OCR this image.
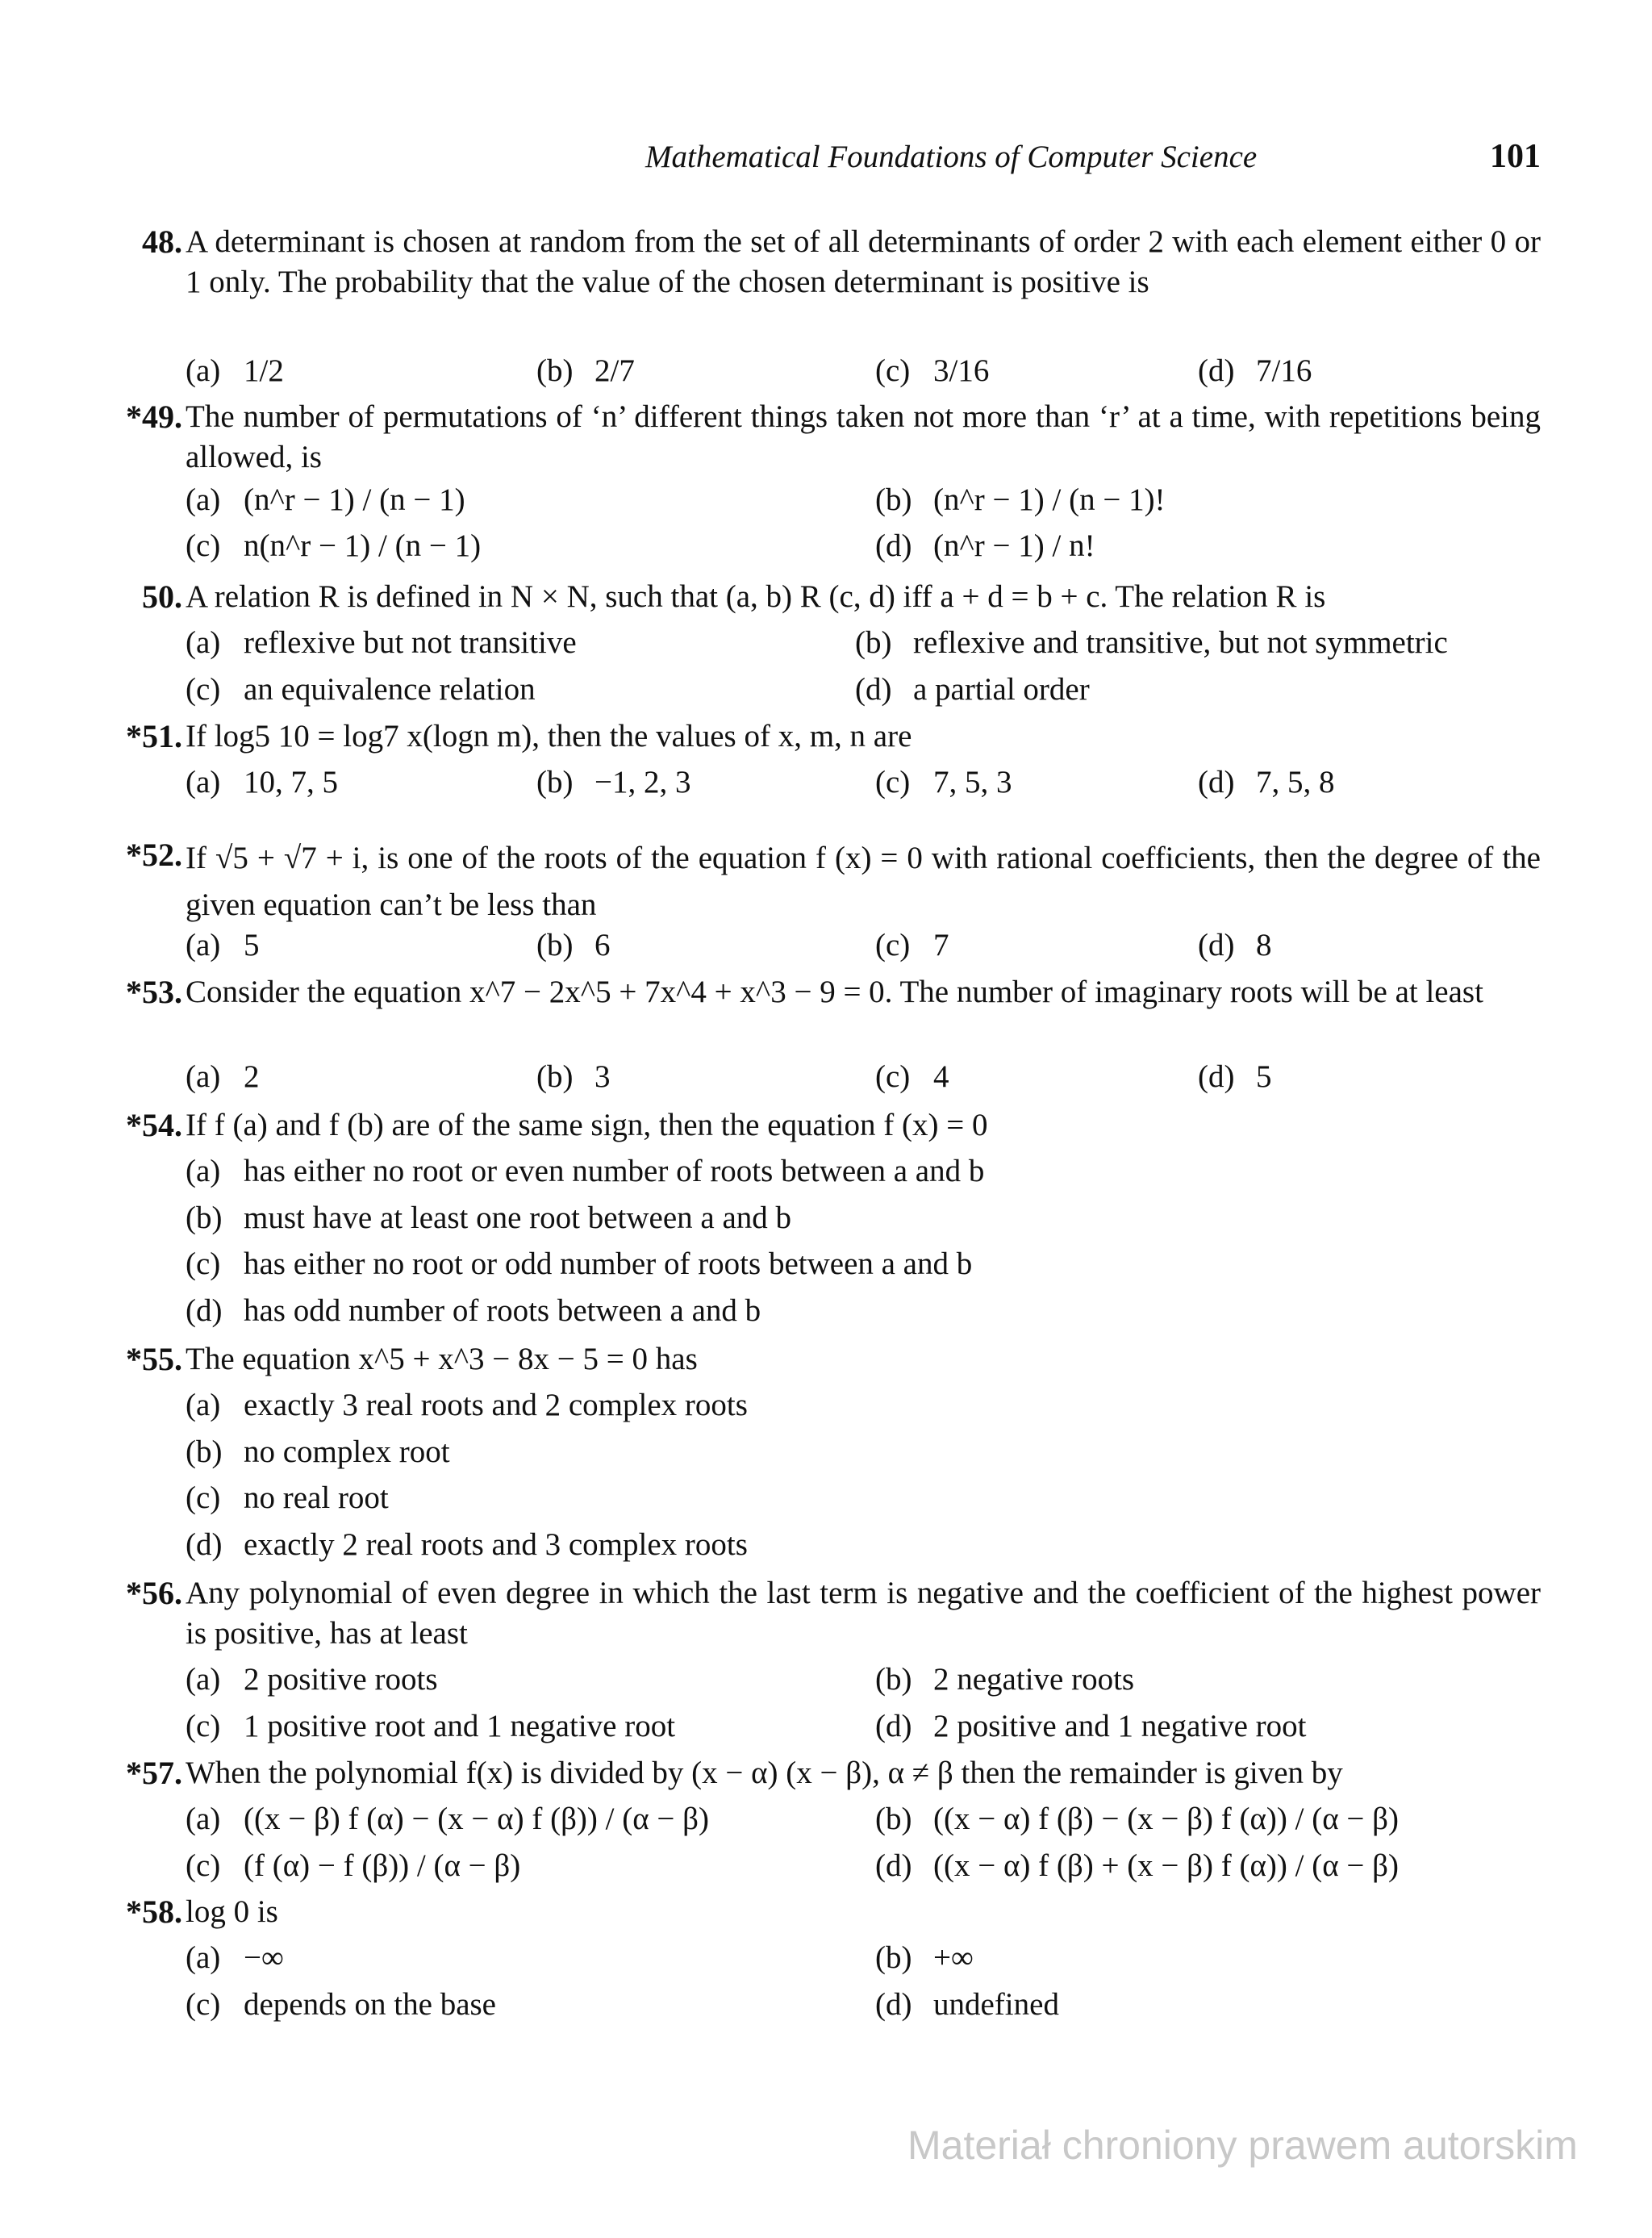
Mathematical Foundations of Computer Science	101
48. A determinant is chosen at random from the set of all determinants of order 2 with each element either 0 or 1 only. The probability that the value of the chosen determinant is positive is
(a) 1/2	(b) 2/7	(c) 3/16	(d) 7/16
*49. The number of permutations of ‘n’ different things taken not more than ‘r’ at a time, with repetitions being allowed, is
(a) (n^r − 1) / (n − 1)	(b) (n^r − 1) / (n − 1)!
(c) n(n^r − 1) / (n − 1)	(d) (n^r − 1) / n!
50. A relation R is defined in N × N, such that (a, b) R (c, d) iff a + d = b + c. The relation R is
(a) reflexive but not transitive	(b) reflexive and transitive, but not symmetric
(c) an equivalence relation	(d) a partial order
*51. If log5 10 = log7 x(logn m), then the values of x, m, n are
(a) 10, 7, 5	(b) −1, 2, 3	(c) 7, 5, 3	(d) 7, 5, 8
*52. If √5 + √7 + i, is one of the roots of the equation f (x) = 0 with rational coefficients, then the degree of the given equation can’t be less than
(a) 5	(b) 6	(c) 7	(d) 8
*53. Consider the equation x^7 − 2x^5 + 7x^4 + x^3 − 9 = 0. The number of imaginary roots will be at least
(a) 2	(b) 3	(c) 4	(d) 5
*54. If f (a) and f (b) are of the same sign, then the equation f (x) = 0
(a) has either no root or even number of roots between a and b
(b) must have at least one root between a and b
(c) has either no root or odd number of roots between a and b
(d) has odd number of roots between a and b
*55. The equation x^5 + x^3 − 8x − 5 = 0 has
(a) exactly 3 real roots and 2 complex roots
(b) no complex root
(c) no real root
(d) exactly 2 real roots and 3 complex roots
*56. Any polynomial of even degree in which the last term is negative and the coefficient of the highest power is positive, has at least
(a) 2 positive roots	(b) 2 negative roots
(c) 1 positive root and 1 negative root	(d) 2 positive and 1 negative root
*57. When the polynomial f(x) is divided by (x − α) (x − β), α ≠ β then the remainder is given by
(a) ((x − β) f (α) − (x − α) f (β)) / (α − β)	(b) ((x − α) f (β) − (x − β) f (α)) / (α − β)
(c) (f (α) − f (β)) / (α − β)	(d) ((x − α) f (β) + (x − β) f (α)) / (α − β)
*58. log 0 is
(a) −∞	(b) +∞
(c) depends on the base	(d) undefined
Materiał chroniony prawem autorskim
